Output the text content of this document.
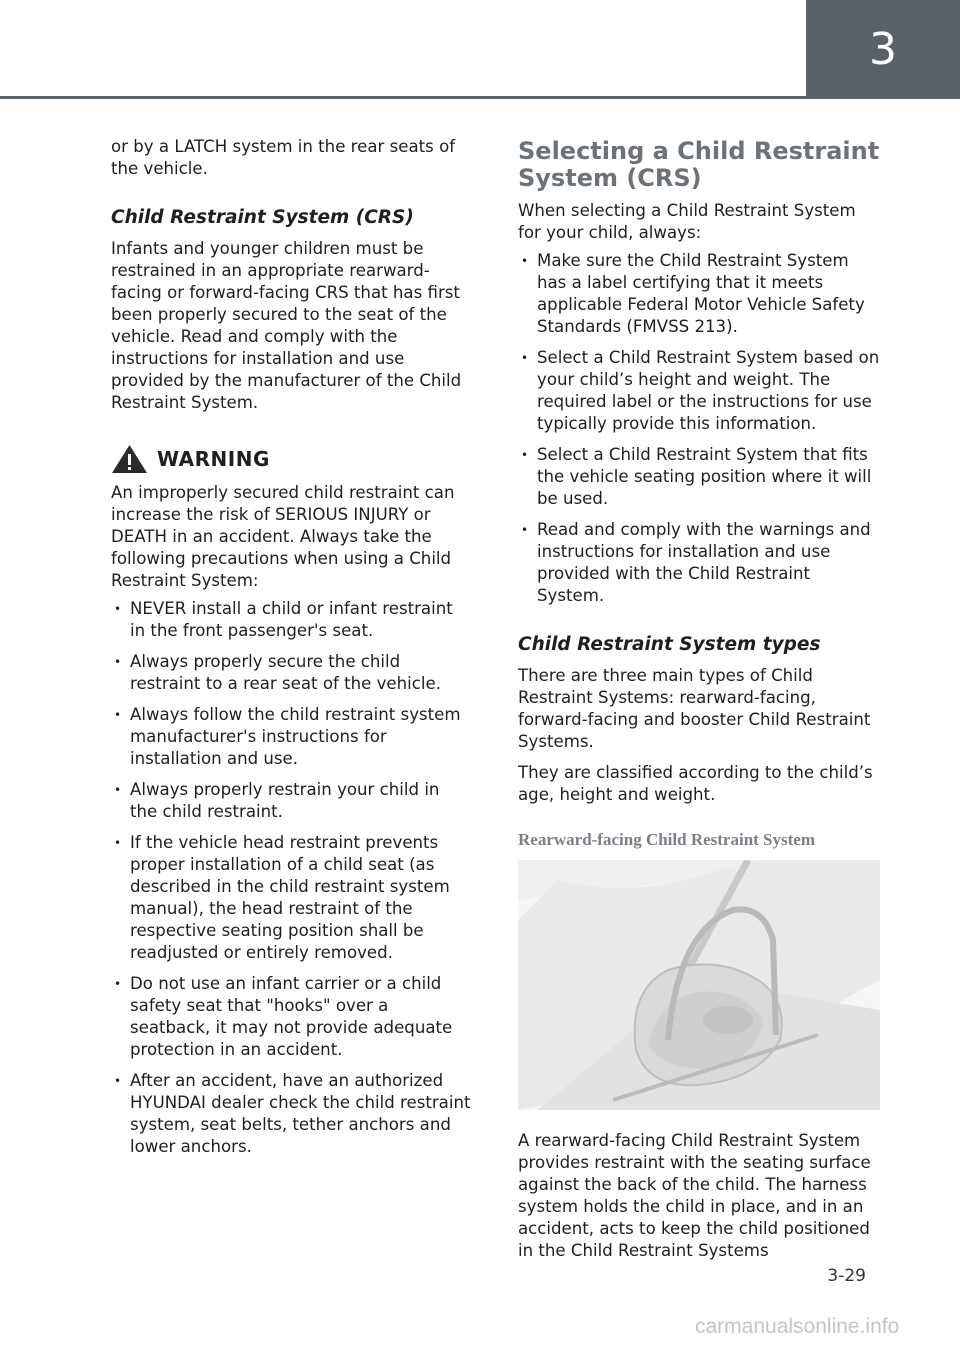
3

or by a LATCH system in the rear seats of the vehicle.

Child Restraint System (CRS)

Infants and younger children must be restrained in an appropriate rearward-facing or forward-facing CRS that has first been properly secured to the seat of the vehicle. Read and comply with the instructions for installation and use provided by the manufacturer of the Child Restraint System.

WARNING

An improperly secured child restraint can increase the risk of SERIOUS INJURY or DEATH in an accident. Always take the following precautions when using a Child Restraint System:

• NEVER install a child or infant restraint in the front passenger's seat.
• Always properly secure the child restraint to a rear seat of the vehicle.
• Always follow the child restraint system manufacturer's instructions for installation and use.
• Always properly restrain your child in the child restraint.
• If the vehicle head restraint prevents proper installation of a child seat (as described in the child restraint system manual), the head restraint of the respective seating position shall be readjusted or entirely removed.
• Do not use an infant carrier or a child safety seat that "hooks" over a seatback, it may not provide adequate protection in an accident.
• After an accident, have an authorized HYUNDAI dealer check the child restraint system, seat belts, tether anchors and lower anchors.
Selecting a Child Restraint System (CRS)

When selecting a Child Restraint System for your child, always:

• Make sure the Child Restraint System has a label certifying that it meets applicable Federal Motor Vehicle Safety Standards (FMVSS 213).
• Select a Child Restraint System based on your child’s height and weight. The required label or the instructions for use typically provide this information.
• Select a Child Restraint System that fits the vehicle seating position where it will be used.
• Read and comply with the warnings and instructions for installation and use provided with the Child Restraint System.
Child Restraint System types

There are three main types of Child Restraint Systems: rearward-facing, forward-facing and booster Child Restraint Systems.

They are classified according to the child’s age, height and weight.

Rearward-facing Child Restraint System

A rearward-facing Child Restraint System provides restraint with the seating surface against the back of the child. The harness system holds the child in place, and in an accident, acts to keep the child positioned in the Child Restraint Systems

3-29
carmanualsonline.info
